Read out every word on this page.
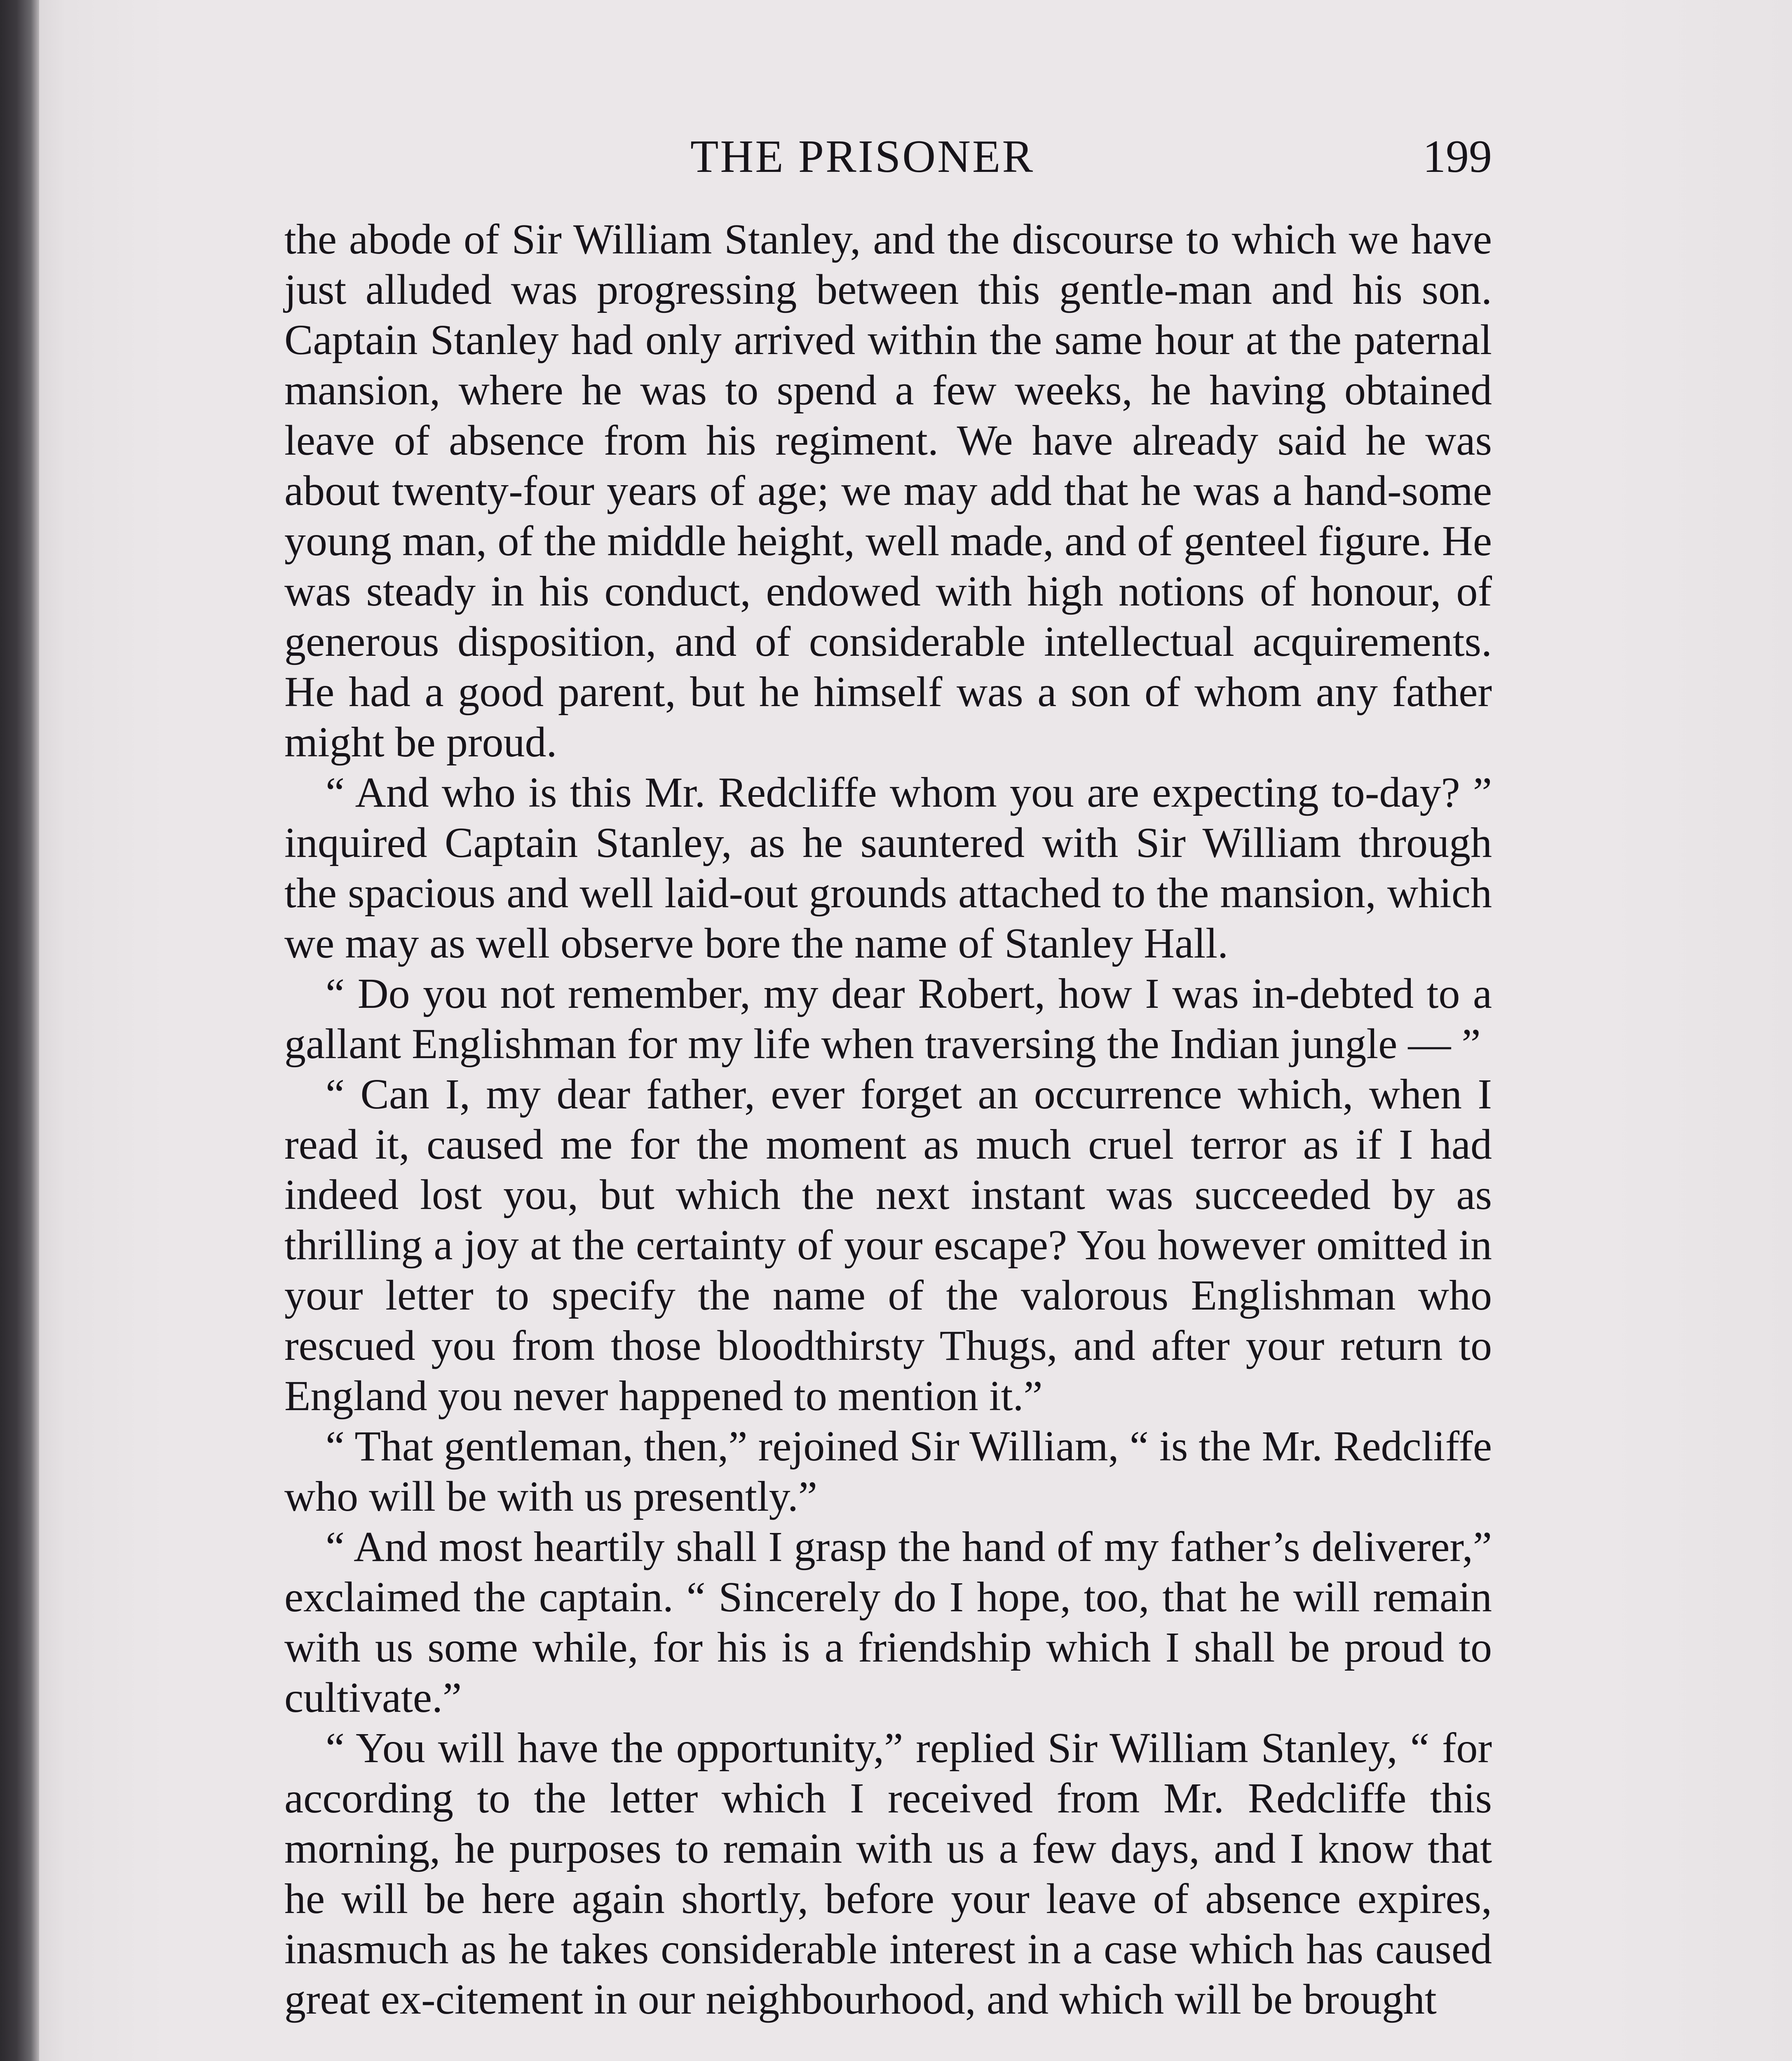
THE PRISONER	199

the abode of Sir William Stanley, and the discourse to which we have just alluded was progressing between this gentle-man and his son. Captain Stanley had only arrived within the same hour at the paternal mansion, where he was to spend a few weeks, he having obtained leave of absence from his regiment. We have already said he was about twenty-four years of age; we may add that he was a hand-some young man, of the middle height, well made, and of genteel figure. He was steady in his conduct, endowed with high notions of honour, of generous disposition, and of considerable intellectual acquirements. He had a good parent, but he himself was a son of whom any father might be proud.

“ And who is this Mr. Redcliffe whom you are expecting to-day? ” inquired Captain Stanley, as he sauntered with Sir William through the spacious and well laid-out grounds attached to the mansion, which we may as well observe bore the name of Stanley Hall.

“ Do you not remember, my dear Robert, how I was in-debted to a gallant Englishman for my life when traversing the Indian jungle — ”

“ Can I, my dear father, ever forget an occurrence which, when I read it, caused me for the moment as much cruel terror as if I had indeed lost you, but which the next instant was succeeded by as thrilling a joy at the certainty of your escape? You however omitted in your letter to specify the name of the valorous Englishman who rescued you from those bloodthirsty Thugs, and after your return to England you never happened to mention it.”

“ That gentleman, then,” rejoined Sir William, “ is the Mr. Redcliffe who will be with us presently.”

“ And most heartily shall I grasp the hand of my father’s deliverer,” exclaimed the captain. “ Sincerely do I hope, too, that he will remain with us some while, for his is a friendship which I shall be proud to cultivate.”

“ You will have the opportunity,” replied Sir William Stanley, “ for according to the letter which I received from Mr. Redcliffe this morning, he purposes to remain with us a few days, and I know that he will be here again shortly, before your leave of absence expires, inasmuch as he takes considerable interest in a case which has caused great ex-citement in our neighbourhood, and which will be brought
